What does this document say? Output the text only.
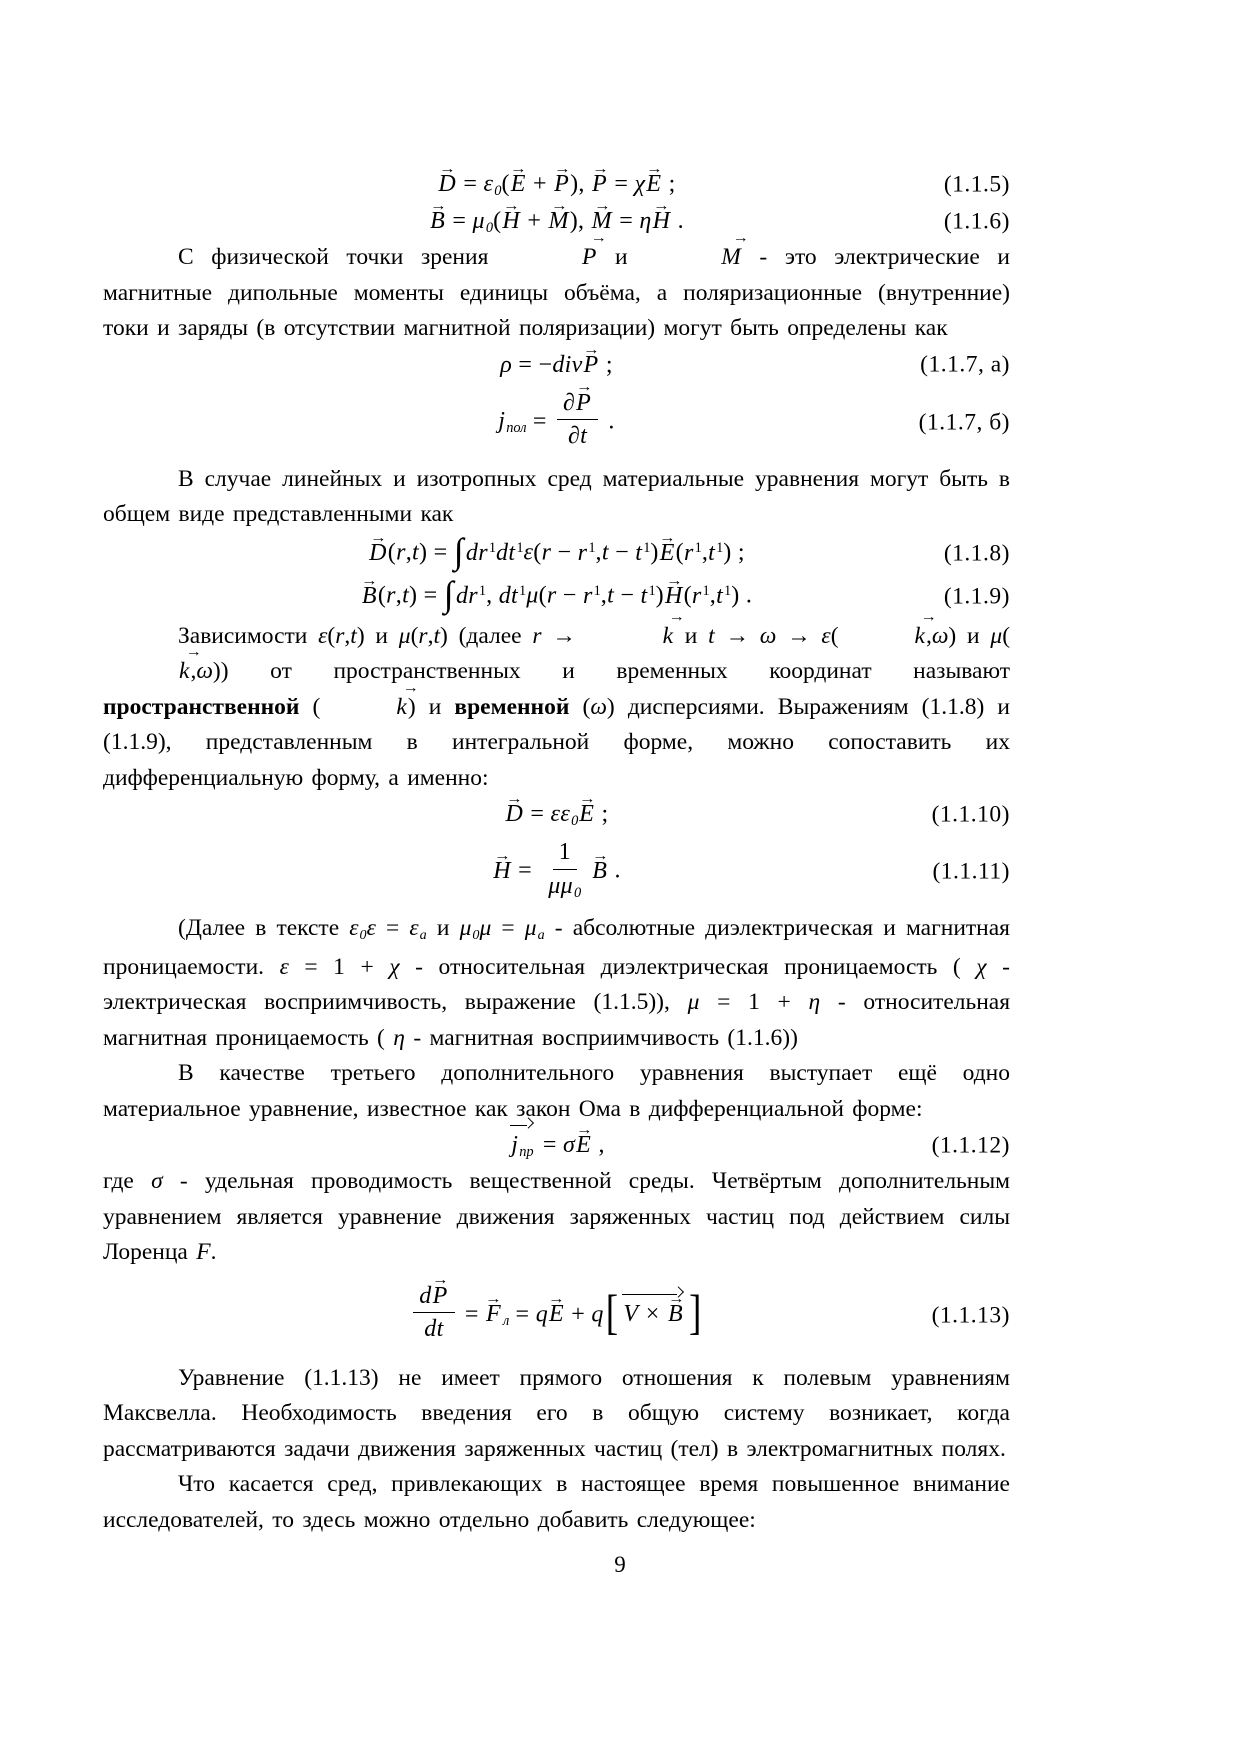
D → = ε0(E → + P →), P → = χE → ;	(1.1.5)
B → = μ0(H → + M →), M → = ηH → .	(1.1.6)
С физической точки зрения	P → и	M → - это электрические и магнитные дипольные моменты единицы объёма, а поляризационные (внутренние) токи и заряды (в отсутствии магнитной поляризации) могут быть определены как
ρ = −divP → ;	(1.1.7, а)
jпол = $\frac{\partial P \to}{\partial t}$ .	(1.1.7, б)
В случае линейных и изотропных сред материальные уравнения могут быть в общем виде представленными как
$D \to(r,t) = \int dr^1dt^1\varepsilon(r - r^1,t - t^1)E \to(r^1,t^1)$ ;	(1.1.8)
$B \to(r,t) = \int dr^1$, $dt^1\mu(r - r^1,t - t^1)H \to(r^1,t^1)$ .	(1.1.9)
Зависимости ε(r,t) и μ(r,t) (далее r →	k → и t → ω → ε(	k →,ω) и μ(k →,ω)) от пространственных и временных координат называют пространственной (	k →) и временной (ω) дисперсиями. Выражениям (1.1.8) и (1.1.9), представленным в интегральной форме, можно сопоставить их дифференциальную форму, а именно:
D → = εε0E → ;	(1.1.10)
H → = $\frac{1}{\mu\mu 0}$ B → .	(1.1.11)
(Далее в тексте ε0ε = εa и μ0μ = μa - абсолютные диэлектрическая и магнитная проницаемости. ε = 1 + χ - относительная диэлектрическая проницаемость ( χ - электрическая восприимчивость, выражение (1.1.5)), μ = 1 + η - относительная магнитная проницаемость ( η - магнитная восприимчивость (1.1.6))
В качестве третьего дополнительного уравнения выступает ещё одно материальное уравнение, известное как закон Ома в дифференциальной форме:
jпр = σE → ,	(1.1.12)
где σ - удельная проводимость вещественной среды. Четвёртым дополнительным уравнением является уравнение движения заряженных частиц под действием силы Лоренца F.
$\frac{dP \to}{dt} = F \to л$ = qE → + q[ V × B → ]	(1.1.13)
Уравнение (1.1.13) не имеет прямого отношения к полевым уравнениям Максвелла. Необходимость введения его в общую систему возникает, когда рассматриваются задачи движения заряженных частиц (тел) в электромагнитных полях.
Что касается сред, привлекающих в настоящее время повышенное внимание исследователей, то здесь можно отдельно добавить следующее:
9
